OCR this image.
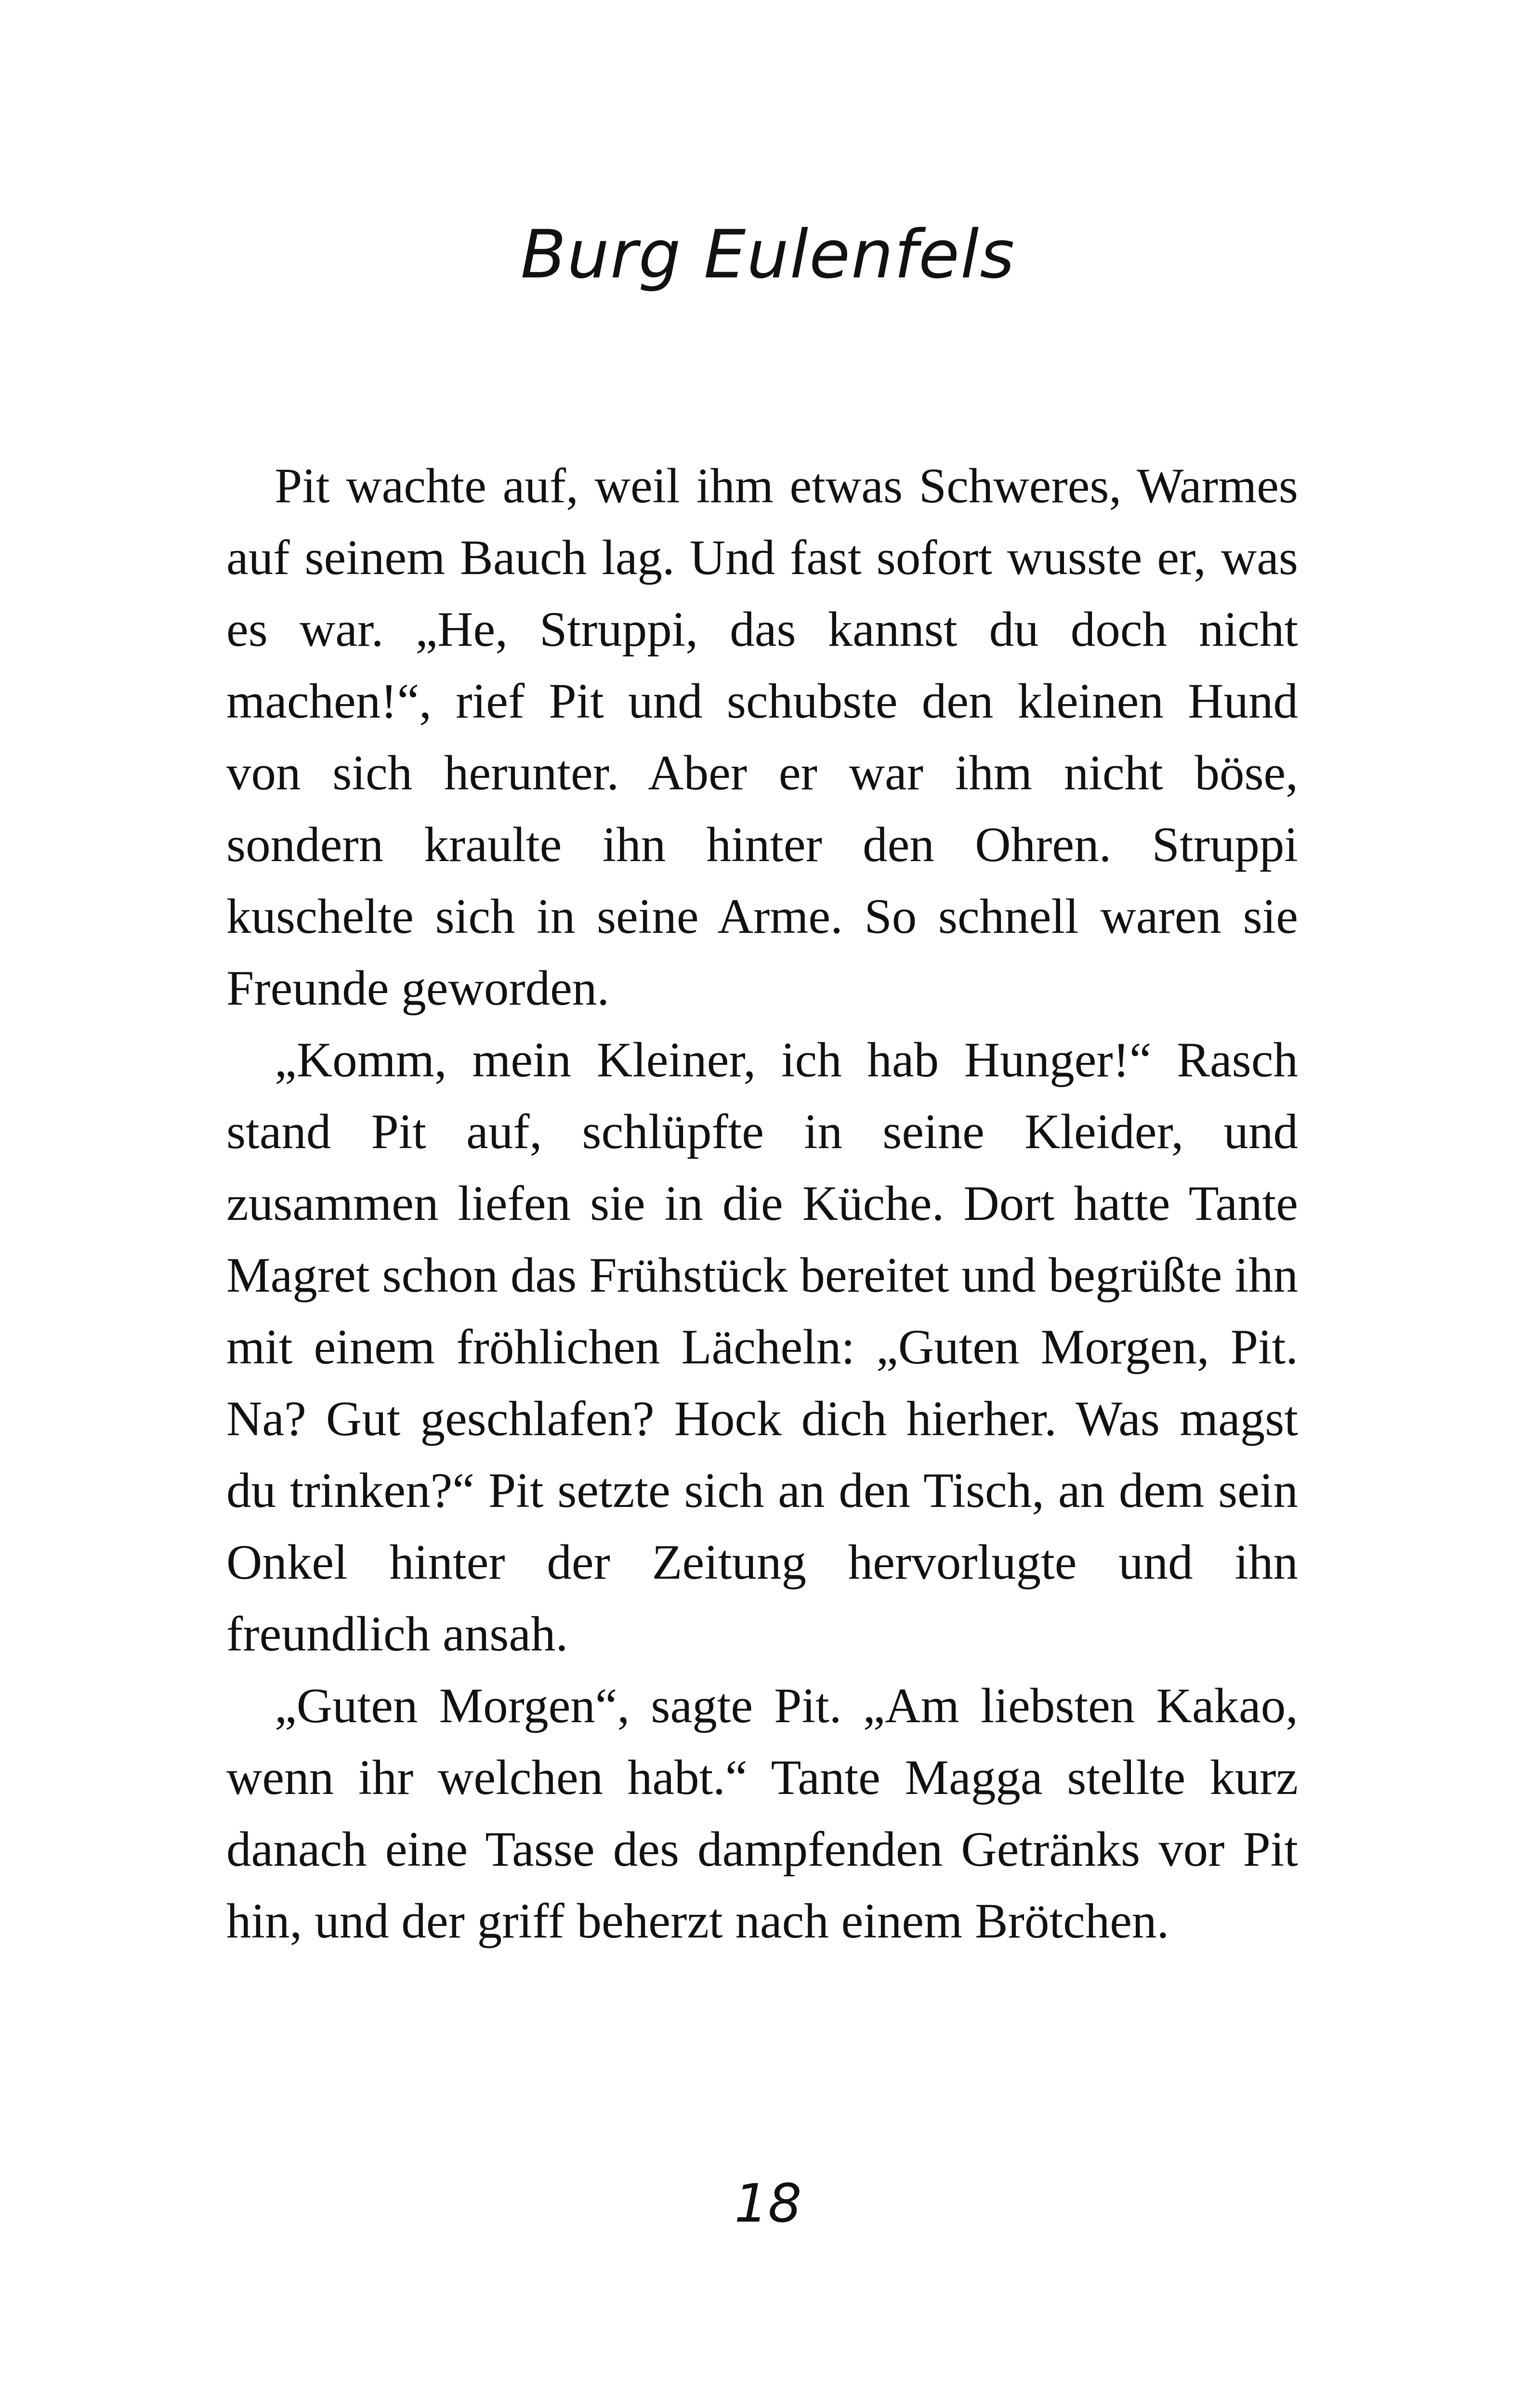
Burg Eulenfels

Pit wachte auf, weil ihm etwas Schweres, Warmes auf seinem Bauch lag. Und fast sofort wusste er, was es war. „He, Struppi, das kannst du doch nicht machen!“, rief Pit und schubste den kleinen Hund von sich herunter. Aber er war ihm nicht böse, sondern kraulte ihn hinter den Ohren. Struppi kuschelte sich in seine Arme. So schnell waren sie Freunde geworden.

„Komm, mein Kleiner, ich hab Hunger!“ Rasch stand Pit auf, schlüpfte in seine Kleider, und zusammen liefen sie in die Küche. Dort hatte Tante Magret schon das Frühstück bereitet und begrüßte ihn mit einem fröhlichen Lächeln: „Guten Morgen, Pit. Na? Gut geschlafen? Hock dich hierher. Was magst du trinken?“ Pit setzte sich an den Tisch, an dem sein Onkel hinter der Zeitung hervorlugte und ihn freundlich ansah.

„Guten Morgen“, sagte Pit. „Am liebsten Kakao, wenn ihr welchen habt.“ Tante Magga stellte kurz danach eine Tasse des dampfenden Getränks vor Pit hin, und der griff beherzt nach einem Brötchen.

18
